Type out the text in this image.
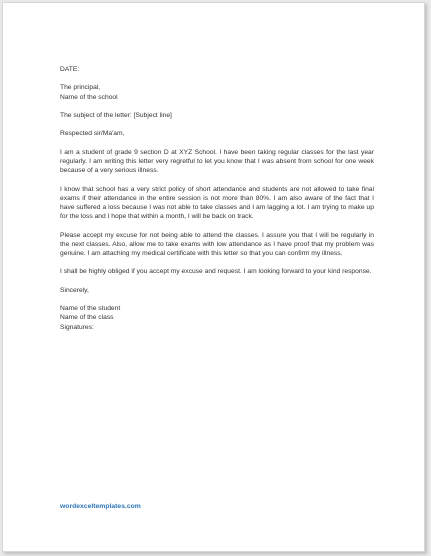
DATE:

The principal,
Name of the school

The subject of the letter: [Subject line]

Respected sir/Ma'am,

I am a student of grade 9 section D at XYZ School. I have been taking regular classes for the last year regularly. I am writing this letter very regretful to let you know that I was absent from school for one week because of a very serious illness.

I know that school has a very strict policy of short attendance and students are not allowed to take final exams if their attendance in the entire session is not more than 80%. I am also aware of the fact that I have suffered a loss because I was not able to take classes and I am lagging a lot. I am trying to make up for the loss and I hope that within a month, I will be back on track.

Please accept my excuse for not being able to attend the classes. I assure you that I will be regularly in the next classes. Also, allow me to take exams with low attendance as I have proof that my problem was genuine. I am attaching my medical certificate with this letter so that you can confirm my illness.

I shall be highly obliged if you accept my excuse and request. I am looking forward to your kind response.

Sincerely,

Name of the student
Name of the class
Signatures:

wordexceltemplates.com
